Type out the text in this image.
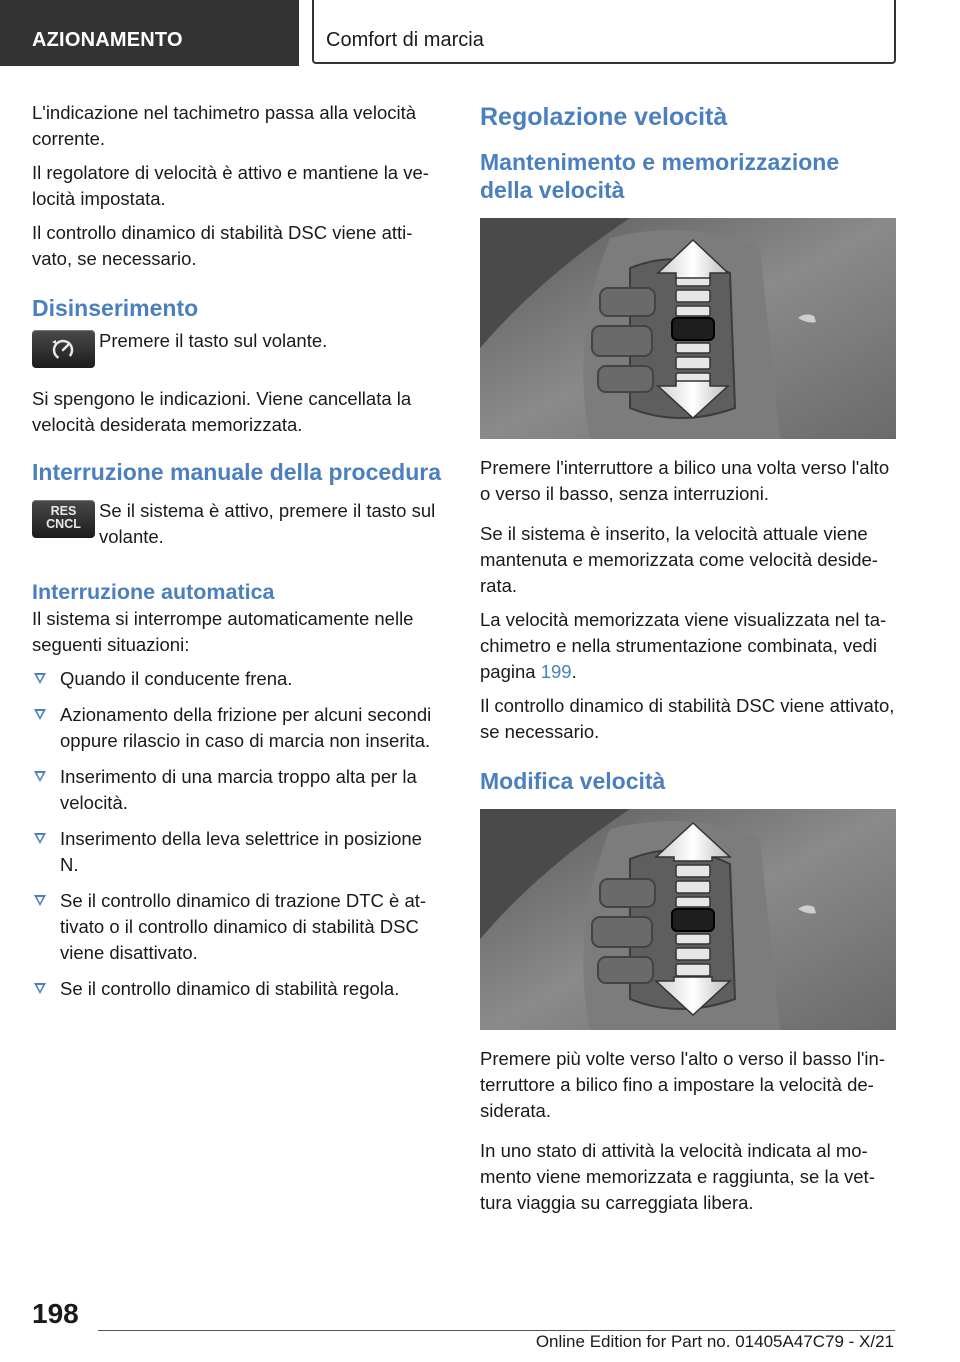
AZIONAMENTO	Comfort di marcia

L'indicazione nel tachimetro passa alla velocità corrente.

Il regolatore di velocità è attivo e mantiene la velocità impostata.

Il controllo dinamico di stabilità DSC viene attivato, se necessario.

Disinserimento
Premere il tasto sul volante.

Si spengono le indicazioni. Viene cancellata la velocità desiderata memorizzata.

Interruzione manuale della procedura
RES
CNCL
Se il sistema è attivo, premere il tasto sul volante.
Interruzione automatica

Il sistema si interrompe automaticamente nelle seguenti situazioni:

Quando il conducente frena.
Azionamento della frizione per alcuni secondi oppure rilascio in caso di marcia non inserita.
Inserimento di una marcia troppo alta per la velocità.
Inserimento della leva selettrice in posizione N.
Se il controllo dinamico di trazione DTC è attivato o il controllo dinamico di stabilità DSC viene disattivato.
Se il controllo dinamico di stabilità regola.
Regolazione velocità
Mantenimento e memorizzazione della velocità

Premere l'interruttore a bilico una volta verso l'alto o verso il basso, senza interruzioni.

Se il sistema è inserito, la velocità attuale viene mantenuta e memorizzata come velocità desiderata.

La velocità memorizzata viene visualizzata nel tachimetro e nella strumentazione combinata, vedi pagina 199.

Il controllo dinamico di stabilità DSC viene attivato, se necessario.

Modifica velocità

Premere più volte verso l'alto o verso il basso l'interruttore a bilico fino a impostare la velocità desiderata.

In uno stato di attività la velocità indicata al momento viene memorizzata e raggiunta, se la vettura viaggia su carreggiata libera.

198
Online Edition for Part no. 01405A47C79 - X/21
